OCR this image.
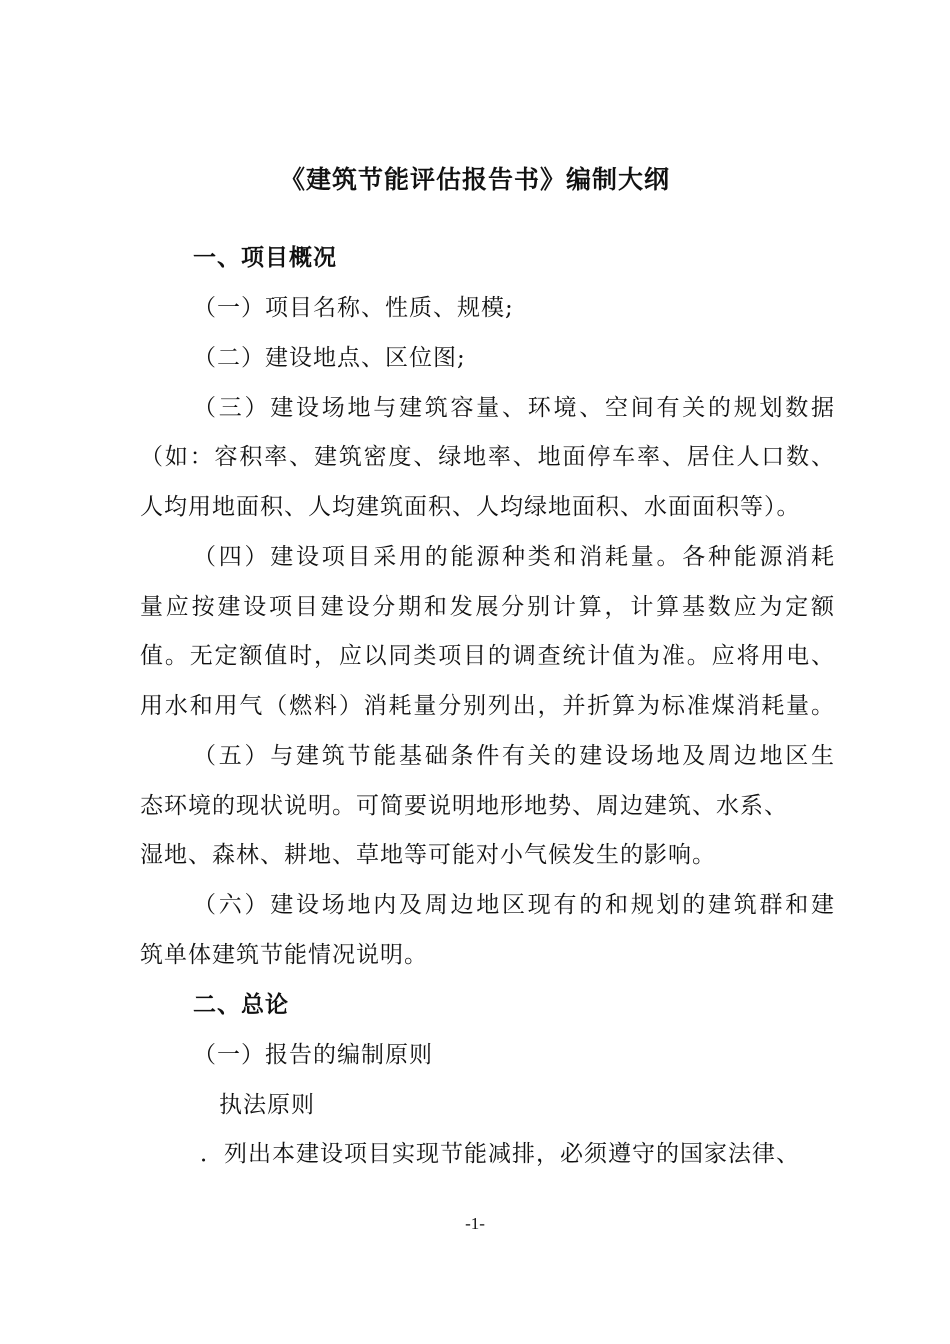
《建筑节能评估报告书》编制大纲
一、项目概况
（一）项目名称、性质、规模;
（二）建设地点、区位图;
（三）建设场地与建筑容量、环境、空间有关的规划数据
（如：容积率、建筑密度、绿地率、地面停车率、居住人口数、
人均用地面积、人均建筑面积、人均绿地面积、水面面积等）。
（四）建设项目采用的能源种类和消耗量。各种能源消耗
量应按建设项目建设分期和发展分别计算，计算基数应为定额
值。无定额值时，应以同类项目的调查统计值为准。应将用电、
用水和用气（燃料）消耗量分别列出，并折算为标准煤消耗量。
（五）与建筑节能基础条件有关的建设场地及周边地区生
态环境的现状说明。可简要说明地形地势、周边建筑、水系、
湿地、森林、耕地、草地等可能对小气候发生的影响。
（六）建设场地内及周边地区现有的和规划的建筑群和建
筑单体建筑节能情况说明。
二、总论
（一）报告的编制原则
执法原则
．列出本建设项目实现节能减排，必须遵守的国家法律、
-1-
